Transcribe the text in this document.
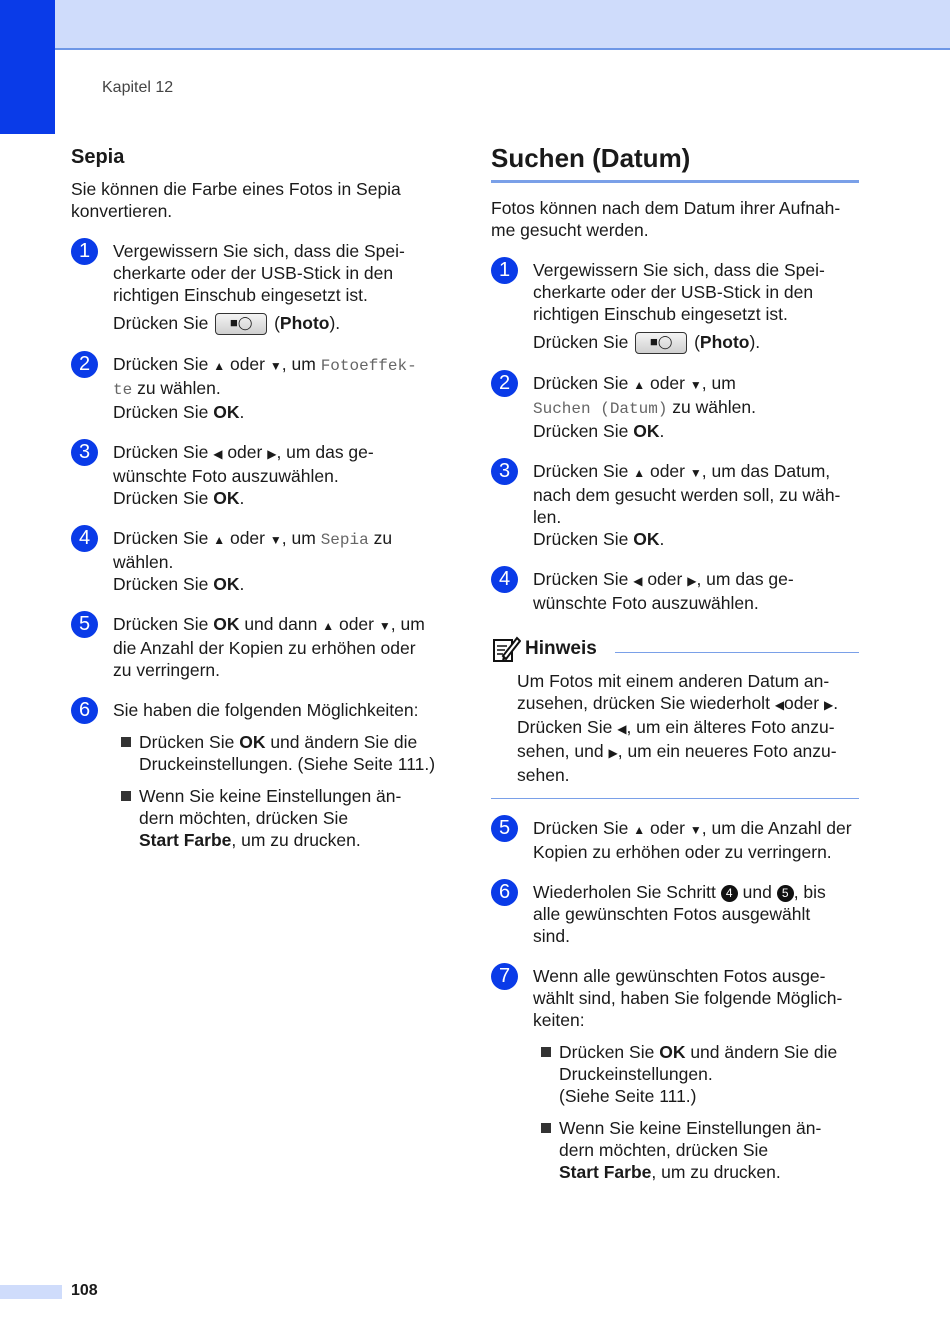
Kapitel 12
Sepia

Sie können die Farbe eines Fotos in Sepia konvertieren.

1	Vergewissern Sie sich, dass die Spei-
cherkarte oder der USB-Stick in den
richtigen Einschub eingesetzt ist.
Drücken Sie ■◯ (Photo).
2	Drücken Sie ▲ oder ▼, um Fotoeffek-
te zu wählen.
Drücken Sie OK.
3	Drücken Sie ◀ oder ▶, um das ge-
wünschte Foto auszuwählen.
Drücken Sie OK.
4	Drücken Sie ▲ oder ▼, um Sepia zu
wählen.
Drücken Sie OK.
5	Drücken Sie OK und dann ▲ oder ▼, um
die Anzahl der Kopien zu erhöhen oder
zu verringern.
6	Sie haben die folgenden Möglichkeiten:
Drücken Sie OK und ändern Sie die
Druckeinstellungen. (Siehe Seite 111.)
Wenn Sie keine Einstellungen än-
dern möchten, drücken Sie
Start Farbe, um zu drucken.
Suchen (Datum)

Fotos können nach dem Datum ihrer Aufnah- me gesucht werden.

1	Vergewissern Sie sich, dass die Spei-
cherkarte oder der USB-Stick in den
richtigen Einschub eingesetzt ist.
Drücken Sie ■◯ (Photo).
2	Drücken Sie ▲ oder ▼, um
Suchen (Datum) zu wählen.
Drücken Sie OK.
3	Drücken Sie ▲ oder ▼, um das Datum,
nach dem gesucht werden soll, zu wäh-
len.
Drücken Sie OK.
4	Drücken Sie ◀ oder ▶, um das ge-
wünschte Foto auszuwählen.
Hinweis
Um Fotos mit einem anderen Datum an-
zusehen, drücken Sie wiederholt ◀oder ▶.
Drücken Sie ◀, um ein älteres Foto anzu-
sehen, und ▶, um ein neueres Foto anzu-
sehen.
5	Drücken Sie ▲ oder ▼, um die Anzahl der
Kopien zu erhöhen oder zu verringern.
6	Wiederholen Sie Schritt 4 und 5 , bis
alle gewünschten Fotos ausgewählt
sind.
7	Wenn alle gewünschten Fotos ausge-
wählt sind, haben Sie folgende Möglich-
keiten:
Drücken Sie OK und ändern Sie die
Druckeinstellungen.
(Siehe Seite 111.)
Wenn Sie keine Einstellungen än-
dern möchten, drücken Sie
Start Farbe, um zu drucken.
108
